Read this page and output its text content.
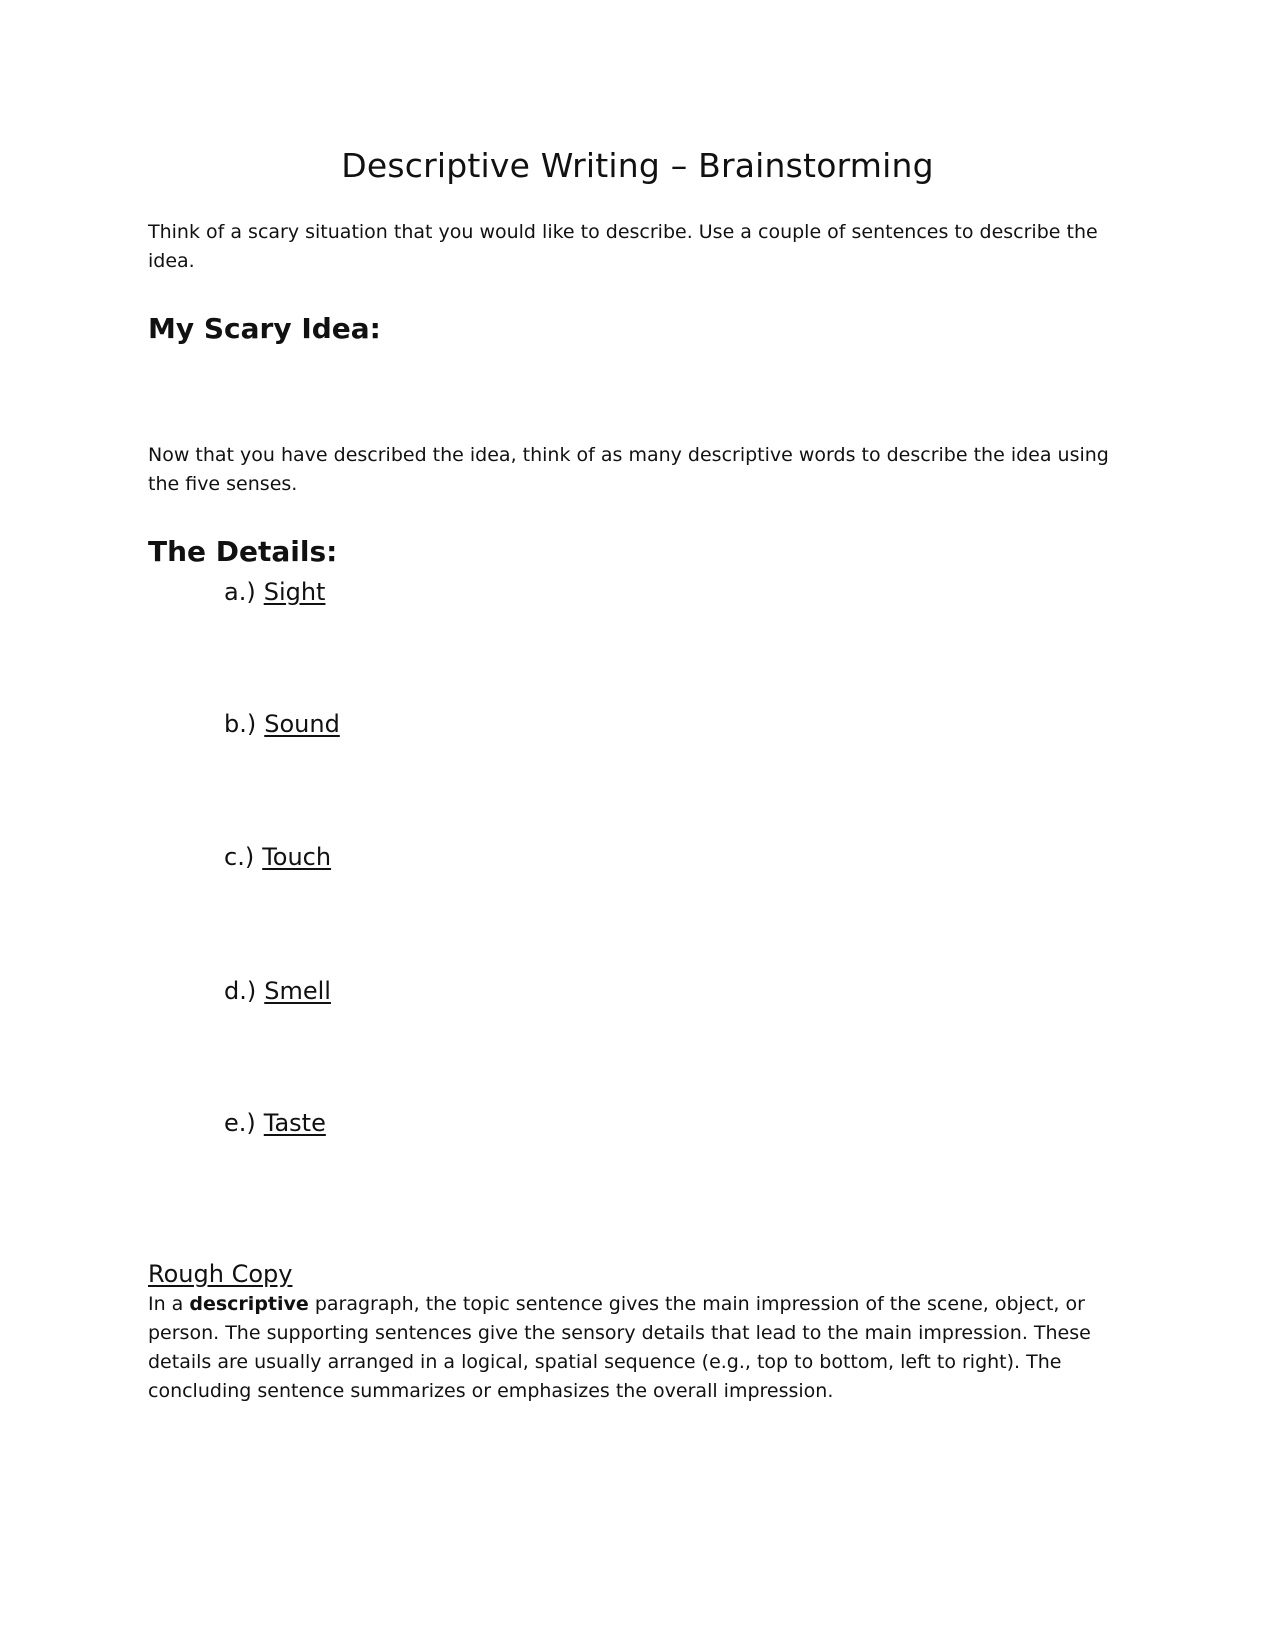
Descriptive Writing – Brainstorming

Think of a scary situation that you would like to describe. Use a couple of sentences to describe the idea.

My Scary Idea:

Now that you have described the idea, think of as many descriptive words to describe the idea using the five senses.

The Details:

a.) Sight

b.) Sound

c.) Touch

d.) Smell

e.) Taste

Rough Copy

In a descriptive paragraph, the topic sentence gives the main impression of the scene, object, or person. The supporting sentences give the sensory details that lead to the main impression. These details are usually arranged in a logical, spatial sequence (e.g., top to bottom, left to right). The concluding sentence summarizes or emphasizes the overall impression.
